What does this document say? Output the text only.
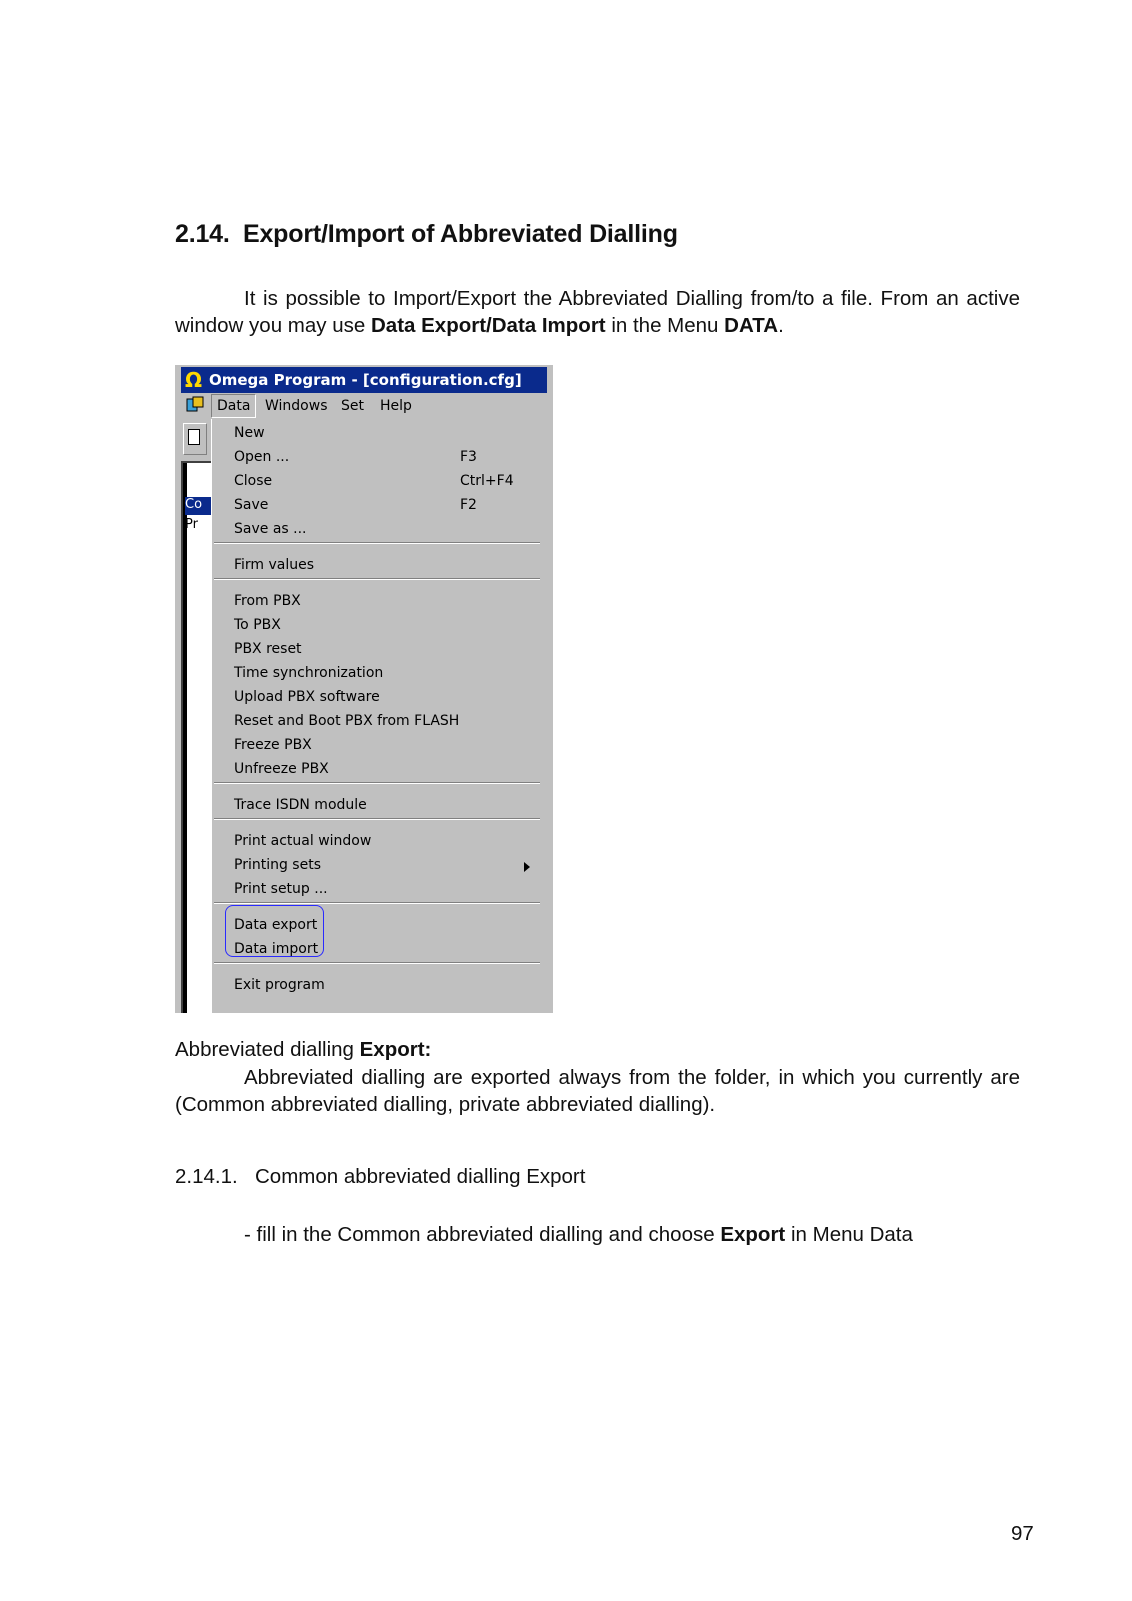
2.14. Export/Import of Abbreviated Dialling
It is possible to Import/Export the Abbreviated Dialling from/to a file. From an active window you may use Data Export/Data Import in the Menu DATA.
Ω Omega Program - [configuration.cfg]
Data	Windows Set Help
Co
Pr
New
Open ...	F3
Close	Ctrl+F4
Save	F2
Save as ...
Firm values
From PBX
To PBX
PBX reset
Time synchronization
Upload PBX software
Reset and Boot PBX from FLASH
Freeze PBX
Unfreeze PBX
Trace ISDN module
Print actual window
Printing sets
Print setup ...
Data export
Data import
Exit program
Abbreviated dialling Export:
Abbreviated dialling are exported always from the folder, in which you currently are (Common abbreviated dialling, private abbreviated dialling).
2.14.1. Common abbreviated dialling Export
- fill in the Common abbreviated dialling and choose Export in Menu Data
97
